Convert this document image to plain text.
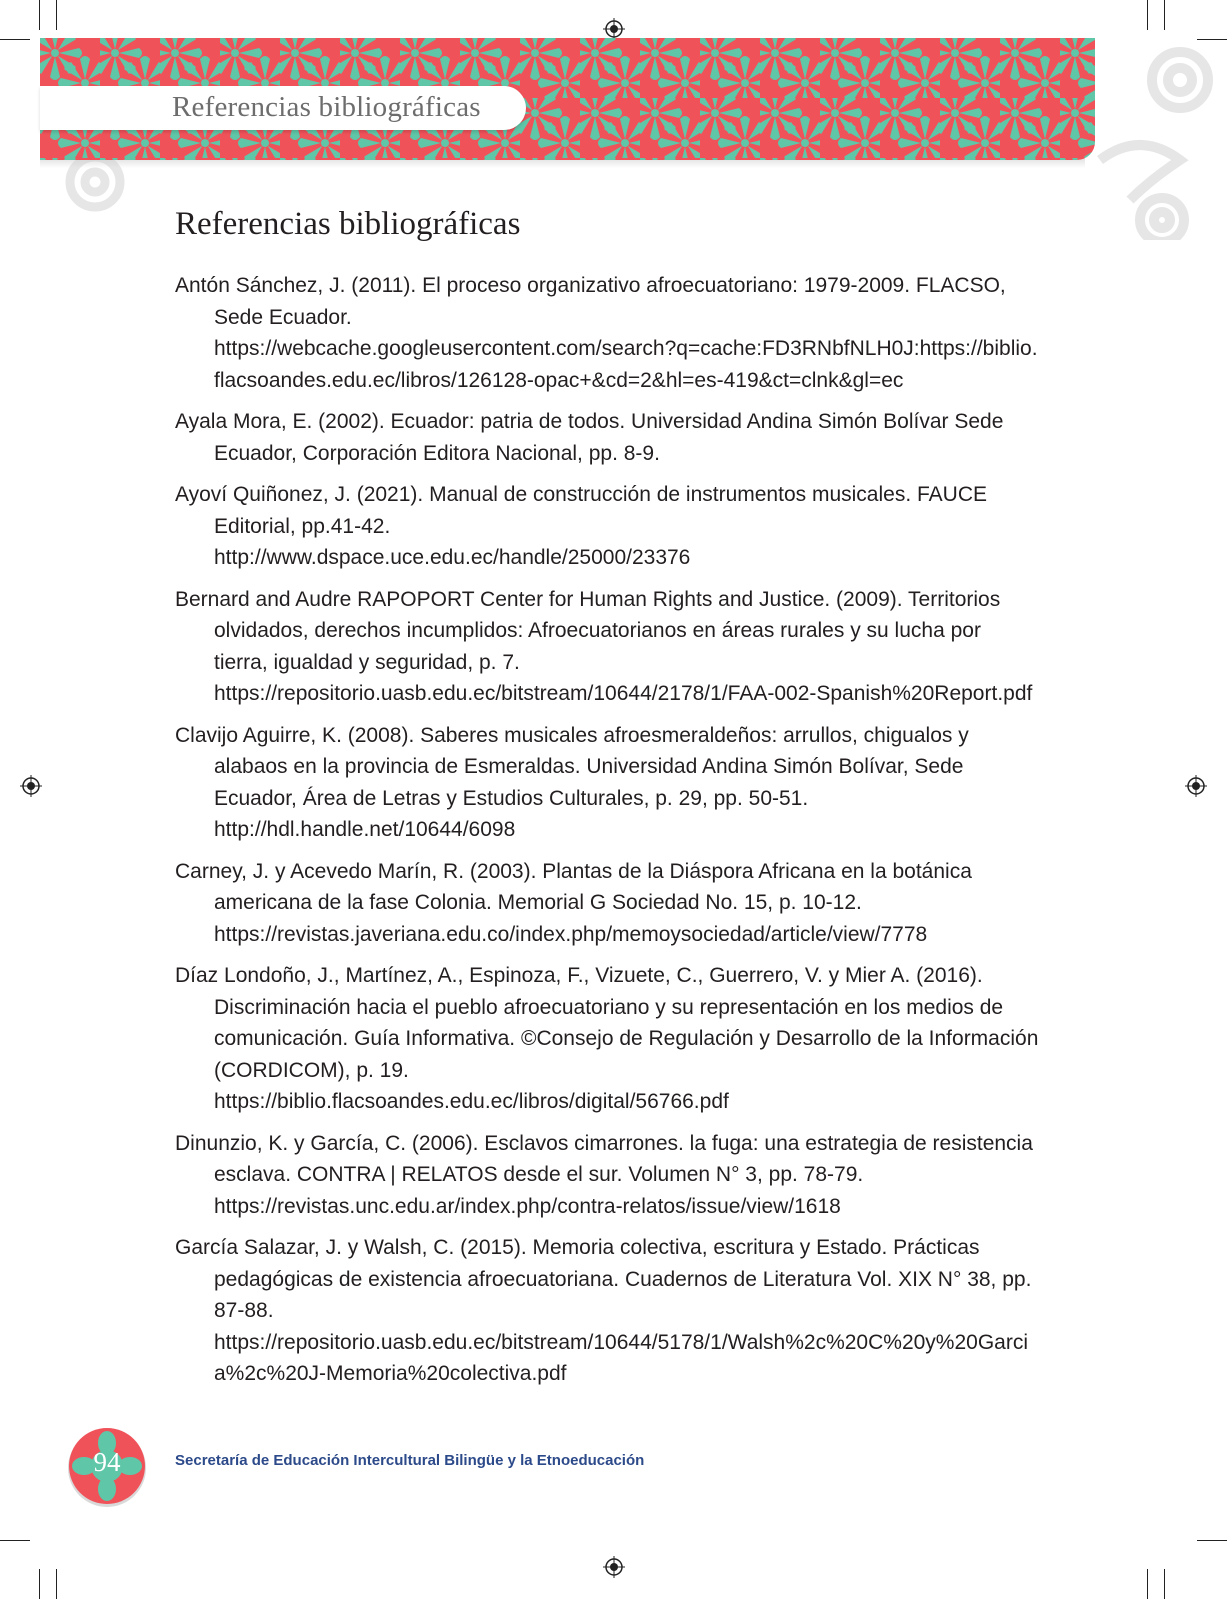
Referencias bibliográficas
Referencias bibliográficas

Antón Sánchez, J. (2011). El proceso organizativo afroecuatoriano: 1979-2009. FLACSO, Sede Ecuador.
https://webcache.googleusercontent.com/search?q=cache:FD3RNbfNLH0J:https://biblio.flacsoandes.edu.ec/libros/126128-opac+&cd=2&hl=es-419&ct=clnk&gl=ec

Ayala Mora, E. (2002). Ecuador: patria de todos. Universidad Andina Simón Bolívar Sede Ecuador, Corporación Editora Nacional, pp. 8-9.

Ayoví Quiñonez, J. (2021). Manual de construcción de instrumentos musicales. FAUCE Editorial, pp.41-42.
http://www.dspace.uce.edu.ec/handle/25000/23376

Bernard and Audre RAPOPORT Center for Human Rights and Justice. (2009). Territorios olvidados, derechos incumplidos: Afroecuatorianos en áreas rurales y su lucha por tierra, igualdad y seguridad, p. 7.
https://repositorio.uasb.edu.ec/bitstream/10644/2178/1/FAA-002-Spanish%20Report.pdf

Clavijo Aguirre, K. (2008). Saberes musicales afroesmeraldeños: arrullos, chigualos y alabaos en la provincia de Esmeraldas. Universidad Andina Simón Bolívar, Sede Ecuador, Área de Letras y Estudios Culturales, p. 29, pp. 50-51.
http://hdl.handle.net/10644/6098

Carney, J. y Acevedo Marín, R. (2003). Plantas de la Diáspora Africana en la botánica americana de la fase Colonia. Memorial G Sociedad No. 15, p. 10-12.
https://revistas.javeriana.edu.co/index.php/memoysociedad/article/view/7778

Díaz Londoño, J., Martínez, A., Espinoza, F., Vizuete, C., Guerrero, V. y Mier A. (2016). Discriminación hacia el pueblo afroecuatoriano y su representación en los medios de comunicación. Guía Informativa. ©Consejo de Regulación y Desarrollo de la Información (CORDICOM), p. 19.
https://biblio.flacsoandes.edu.ec/libros/digital/56766.pdf

Dinunzio, K. y García, C. (2006). Esclavos cimarrones. la fuga: una estrategia de resistencia esclava. CONTRA | RELATOS desde el sur. Volumen N° 3, pp. 78-79.
https://revistas.unc.edu.ar/index.php/contra-relatos/issue/view/1618

García Salazar, J. y Walsh, C. (2015). Memoria colectiva, escritura y Estado. Prácticas pedagógicas de existencia afroecuatoriana. Cuadernos de Literatura Vol. XIX N° 38, pp. 87-88.
https://repositorio.uasb.edu.ec/bitstream/10644/5178/1/Walsh%2c%20C%20y%20Garcia%2c%20J-Memoria%20colectiva.pdf

94	Secretaría de Educación Intercultural Bilingüe y la Etnoeducación
